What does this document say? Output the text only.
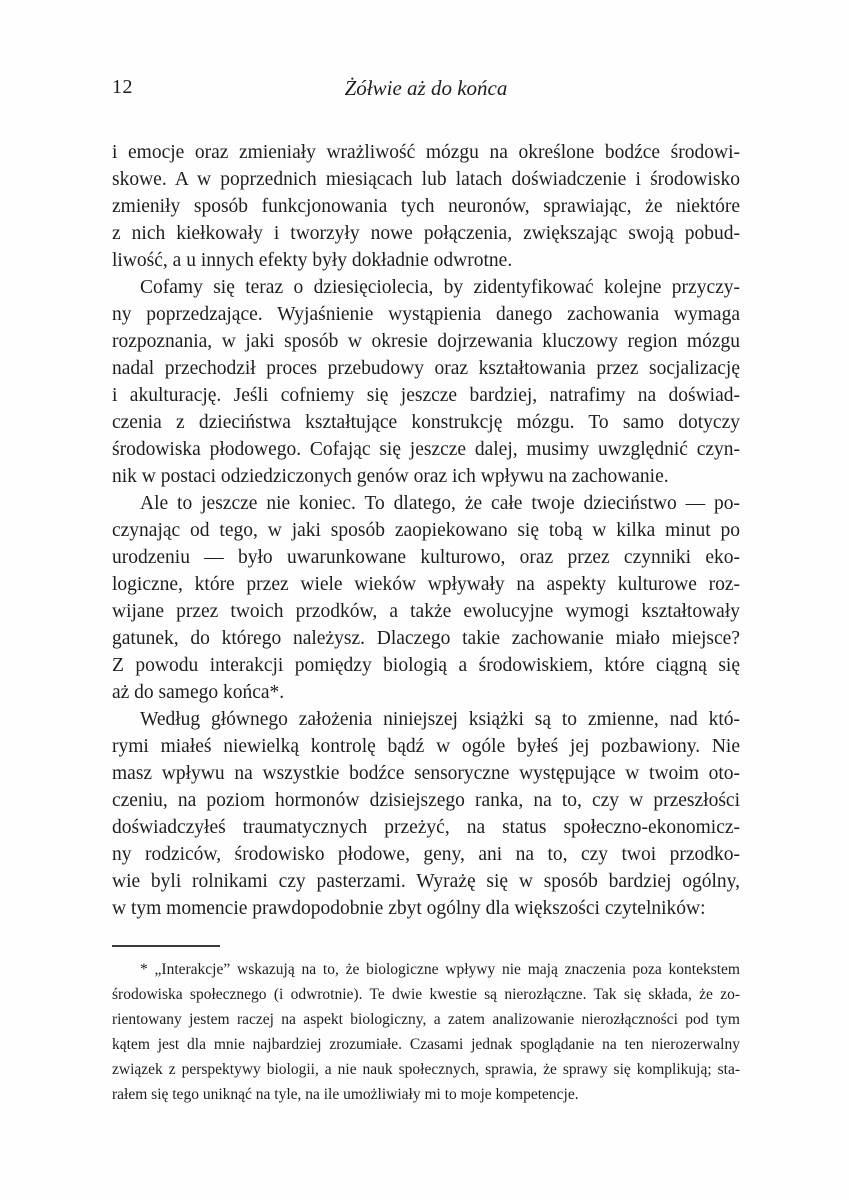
12	Żółwie aż do końca
i emocje oraz zmieniały wrażliwość mózgu na określone bodźce środowi-
skowe. A w poprzednich miesiącach lub latach doświadczenie i środowisko
zmieniły sposób funkcjonowania tych neuronów, sprawiając, że niektóre
z nich kiełkowały i tworzyły nowe połączenia, zwiększając swoją pobud-
liwość, a u innych efekty były dokładnie odwrotne.
Cofamy się teraz o dziesięciolecia, by zidentyfikować kolejne przyczy-
ny poprzedzające. Wyjaśnienie wystąpienia danego zachowania wymaga
rozpoznania, w jaki sposób w okresie dojrzewania kluczowy region mózgu
nadal przechodził proces przebudowy oraz kształtowania przez socjalizację
i akulturację. Jeśli cofniemy się jeszcze bardziej, natrafimy na doświad-
czenia z dzieciństwa kształtujące konstrukcję mózgu. To samo dotyczy
środowiska płodowego. Cofając się jeszcze dalej, musimy uwzględnić czyn-
nik w postaci odziedziczonych genów oraz ich wpływu na zachowanie.
Ale to jeszcze nie koniec. To dlatego, że całe twoje dzieciństwo — po-
czynając od tego, w jaki sposób zaopiekowano się tobą w kilka minut po
urodzeniu — było uwarunkowane kulturowo, oraz przez czynniki eko-
logiczne, które przez wiele wieków wpływały na aspekty kulturowe roz-
wijane przez twoich przodków, a także ewolucyjne wymogi kształtowały
gatunek, do którego należysz. Dlaczego takie zachowanie miało miejsce?
Z powodu interakcji pomiędzy biologią a środowiskiem, które ciągną się
aż do samego końca*.
Według głównego założenia niniejszej książki są to zmienne, nad któ-
rymi miałeś niewielką kontrolę bądź w ogóle byłeś jej pozbawiony. Nie
masz wpływu na wszystkie bodźce sensoryczne występujące w twoim oto-
czeniu, na poziom hormonów dzisiejszego ranka, na to, czy w przeszłości
doświadczyłeś traumatycznych przeżyć, na status społeczno-ekonomicz-
ny rodziców, środowisko płodowe, geny, ani na to, czy twoi przodko-
wie byli rolnikami czy pasterzami. Wyrażę się w sposób bardziej ogólny,
w tym momencie prawdopodobnie zbyt ogólny dla większości czytelników:
* „Interakcje” wskazują na to, że biologiczne wpływy nie mają znaczenia poza kontekstem
środowiska społecznego (i odwrotnie). Te dwie kwestie są nierozłączne. Tak się składa, że zo-
rientowany jestem raczej na aspekt biologiczny, a zatem analizowanie nierozłączności pod tym
kątem jest dla mnie najbardziej zrozumiałe. Czasami jednak spoglądanie na ten nierozerwalny
związek z perspektywy biologii, a nie nauk społecznych, sprawia, że sprawy się komplikują; sta-
rałem się tego uniknąć na tyle, na ile umożliwiały mi to moje kompetencje.
